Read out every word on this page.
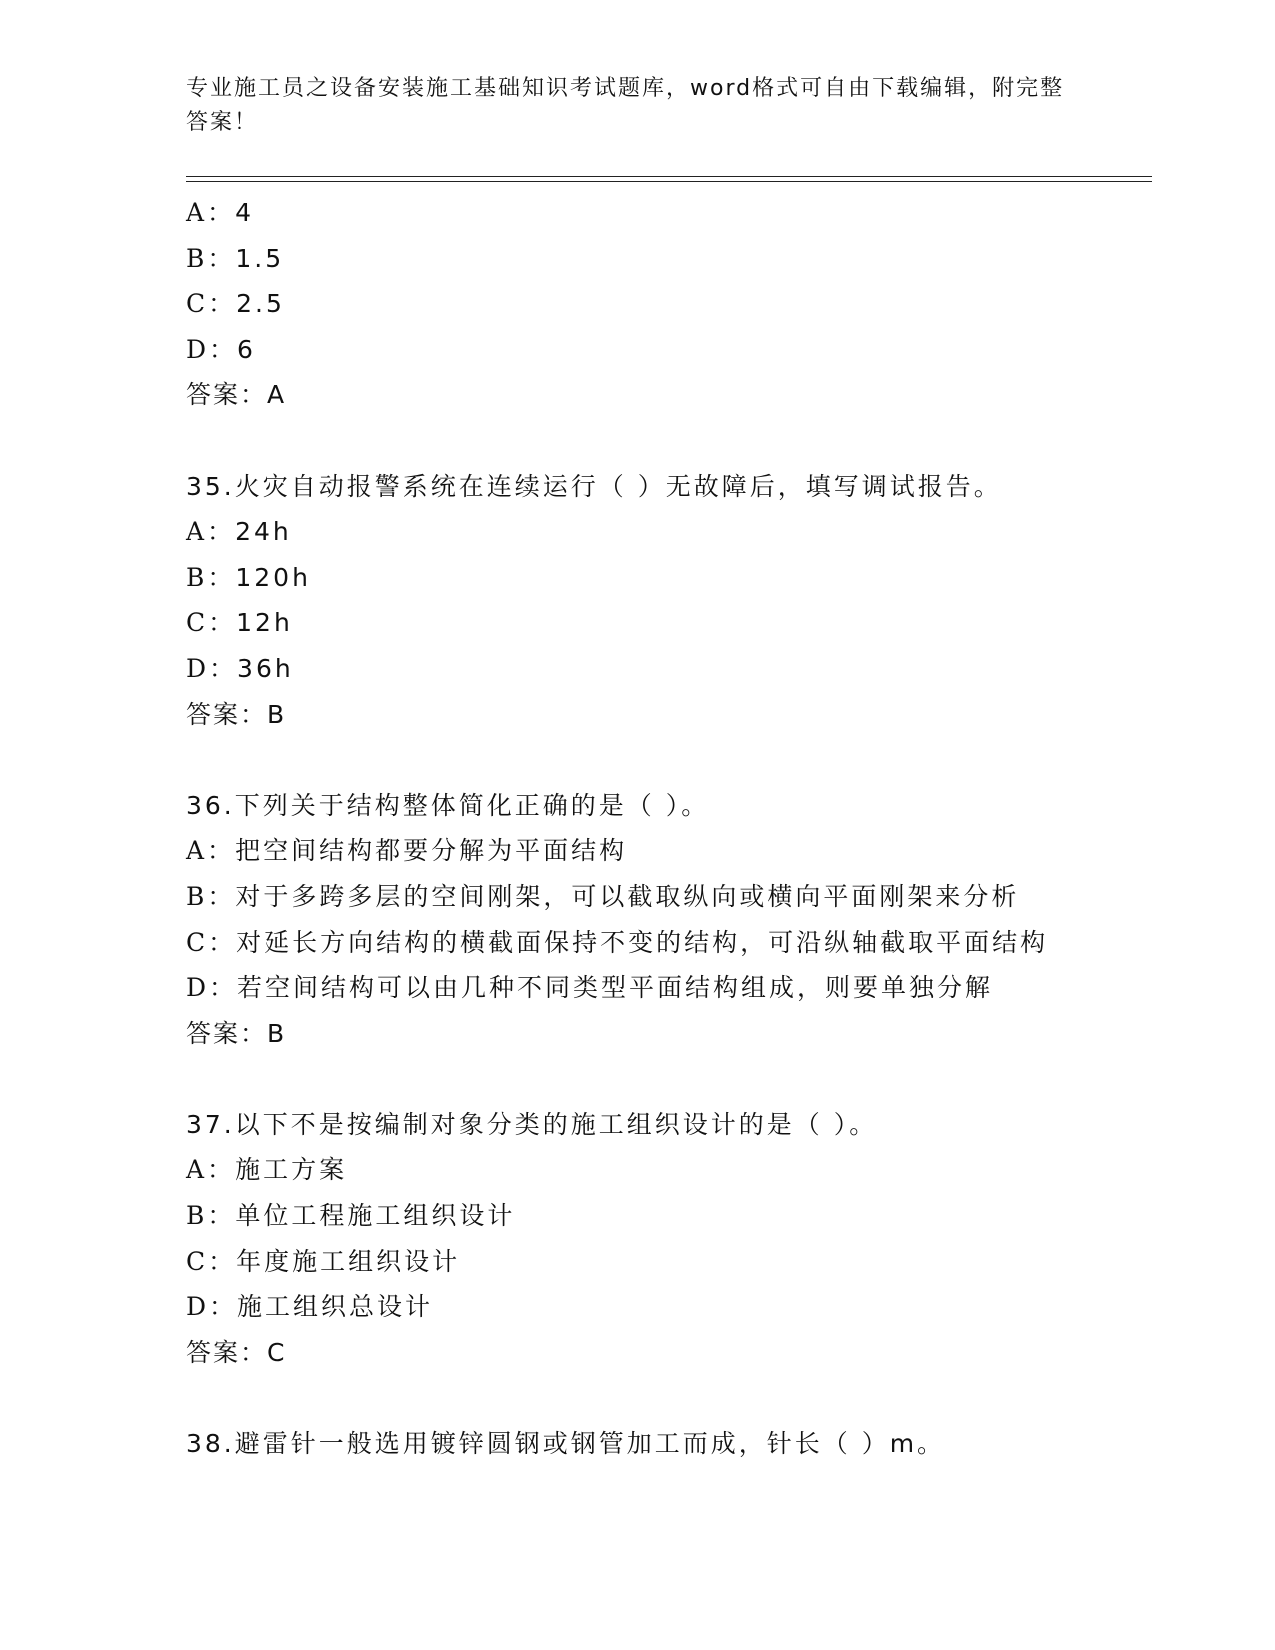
专业施工员之设备安装施工基础知识考试题库，word格式可自由下载编辑，附完整答案！
A：4
B：1.5
C：2.5
D：6
答案：A
35.火灾自动报警系统在连续运行（ ）无故障后，填写调试报告。
A：24h
B：120h
C：12h
D：36h
答案：B
36.下列关于结构整体简化正确的是（ ）。
A：把空间结构都要分解为平面结构
B：对于多跨多层的空间刚架，可以截取纵向或横向平面刚架来分析
C：对延长方向结构的横截面保持不变的结构，可沿纵轴截取平面结构
D：若空间结构可以由几种不同类型平面结构组成，则要单独分解
答案：B
37.以下不是按编制对象分类的施工组织设计的是（ ）。
A：施工方案
B：单位工程施工组织设计
C：年度施工组织设计
D：施工组织总设计
答案：C
38.避雷针一般选用镀锌圆钢或钢管加工而成，针长（ ）m。
